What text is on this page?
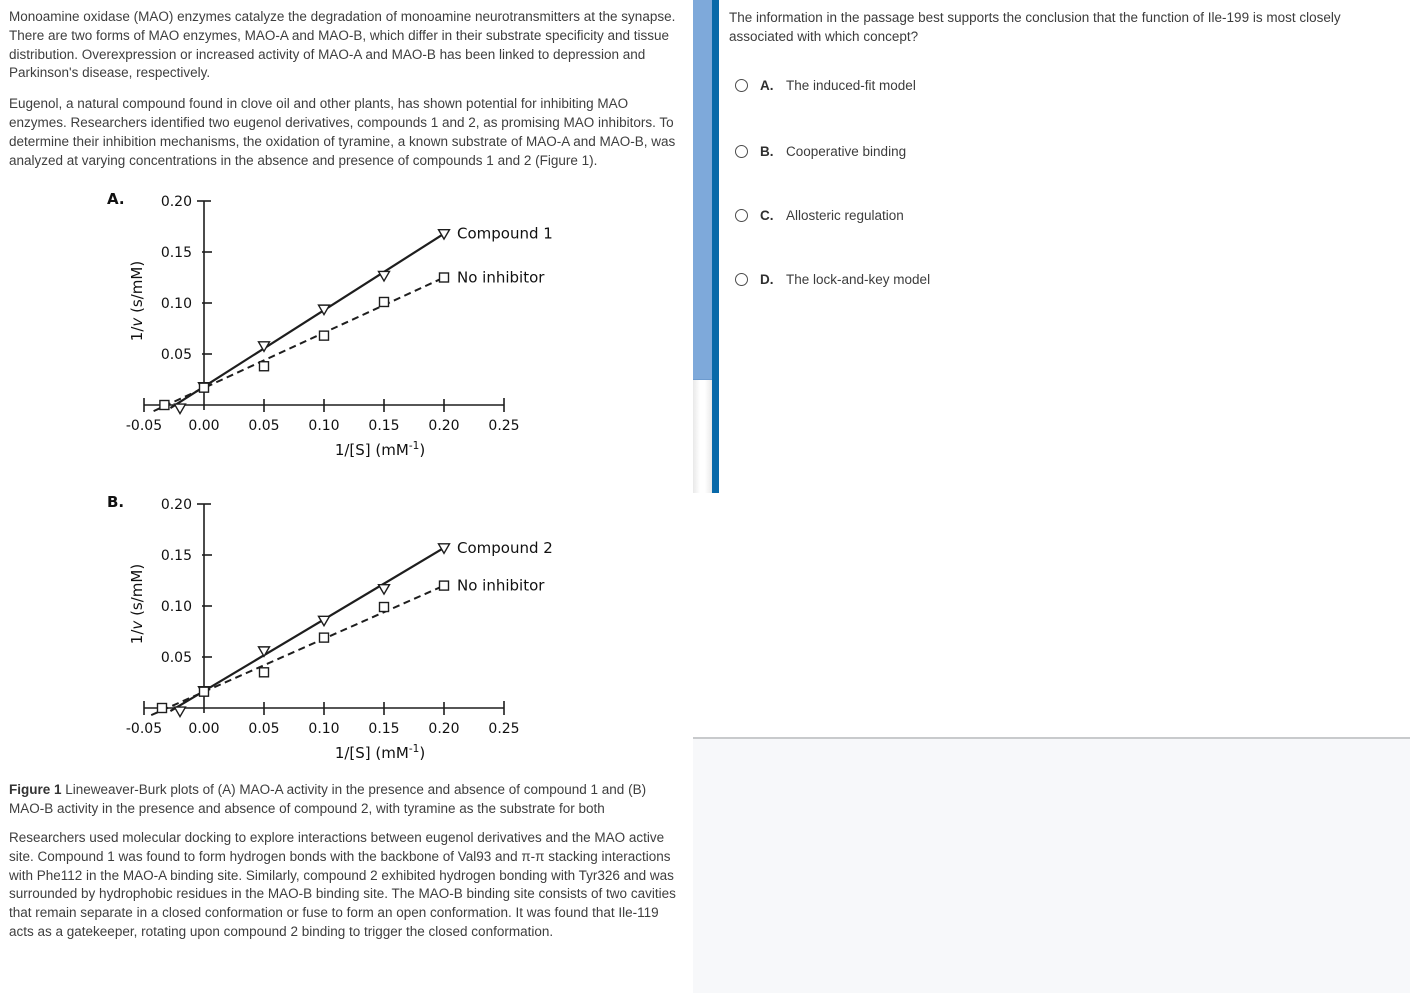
Monoamine oxidase (MAO) enzymes catalyze the degradation of monoamine neurotransmitters at the synapse. There are two forms of MAO enzymes, MAO-A and MAO-B, which differ in their substrate specificity and tissue distribution. Overexpression or increased activity of MAO-A and MAO-B has been linked to depression and Parkinson's disease, respectively.

Eugenol, a natural compound found in clove oil and other plants, has shown potential for inhibiting MAO enzymes. Researchers identified two eugenol derivatives, compounds 1 and 2, as promising MAO inhibitors. To determine their inhibition mechanisms, the oxidation of tyramine, a known substrate of MAO-A and MAO-B, was analyzed at varying concentrations in the absence and presence of compounds 1 and 2 (Figure 1).

A.
-0.05 0.00 0.05 0.10 0.15 0.20 0.25
0.05
0.10
0.15
0.20
Compound 1
No inhibitor
1/[S] $(mM^{-1})$
1/v (s/mM)
B.
-0.05 0.00 0.05 0.10 0.15 0.20 0.25
0.05
0.10
0.15
0.20
Compound 2
No inhibitor
1/[S] $(mM^{-1})$
1/v (s/mM)

Figure 1 Lineweaver-Burk plots of (A) MAO-A activity in the presence and absence of compound 1 and (B) MAO-B activity in the presence and absence of compound 2, with tyramine as the substrate for both

Researchers used molecular docking to explore interactions between eugenol derivatives and the MAO active site. Compound 1 was found to form hydrogen bonds with the backbone of Val93 and π-π stacking interactions with Phe112 in the MAO-A binding site. Similarly, compound 2 exhibited hydrogen bonding with Tyr326 and was surrounded by hydrophobic residues in the MAO-B binding site. The MAO-B binding site consists of two cavities that remain separate in a closed conformation or fuse to form an open conformation. It was found that Ile-119 acts as a gatekeeper, rotating upon compound 2 binding to trigger the closed conformation.

The information in the passage best supports the conclusion that the function of Ile-199 is most closely associated with which concept?
A. The induced-fit model
B. Cooperative binding
C. Allosteric regulation
D. The lock-and-key model
